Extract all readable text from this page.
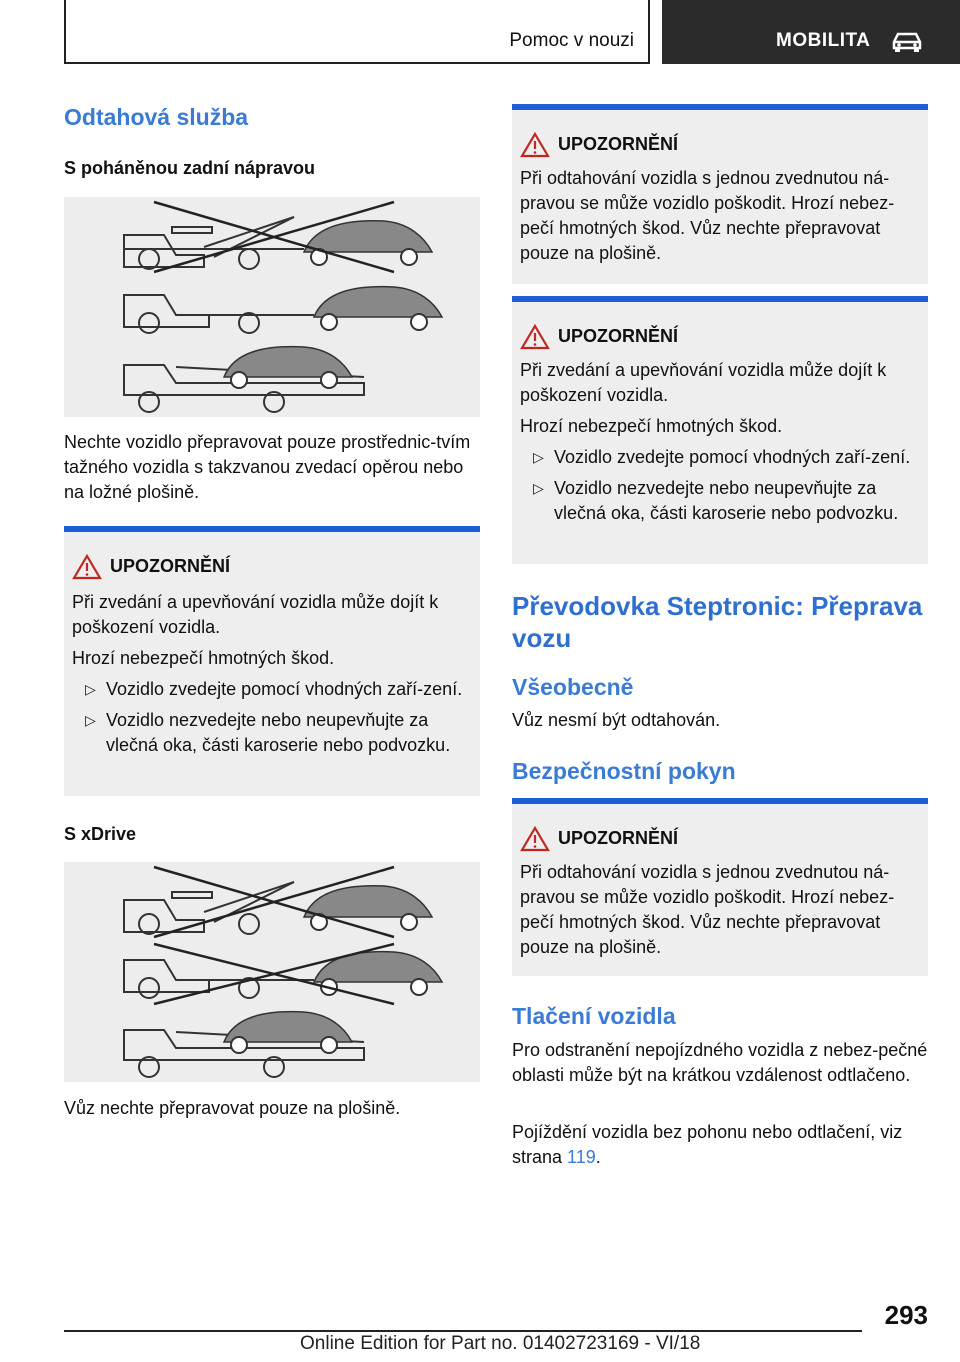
Pomoc v nouzi	MOBILITA
Odtahová služba
S poháněnou zadní nápravou
Nechte vozidlo přepravovat pouze prostřednic-tvím tažného vozidla s takzvanou zvedací opěrou nebo na ložné plošině.
UPOZORNĚNÍ
Při zvedání a upevňování vozidla může dojít k poškození vozidla.
Hrozí nebezpečí hmotných škod.
▷ Vozidlo zvedejte pomocí vhodných zaří-zení.
▷ Vozidlo nezvedejte nebo neupevňujte za vlečná oka, části karoserie nebo podvozku.
S xDrive
Vůz nechte přepravovat pouze na plošině.
UPOZORNĚNÍ
Při odtahování vozidla s jednou zvednutou ná-pravou se může vozidlo poškodit. Hrozí nebez-pečí hmotných škod. Vůz nechte přepravovat pouze na plošině.
UPOZORNĚNÍ
Při zvedání a upevňování vozidla může dojít k poškození vozidla.
Hrozí nebezpečí hmotných škod.
▷ Vozidlo zvedejte pomocí vhodných zaří-zení.
▷ Vozidlo nezvedejte nebo neupevňujte za vlečná oka, části karoserie nebo podvozku.
Převodovka Steptronic: Přeprava vozu
Všeobecně
Vůz nesmí být odtahován.
Bezpečnostní pokyn
UPOZORNĚNÍ
Při odtahování vozidla s jednou zvednutou ná-pravou se může vozidlo poškodit. Hrozí nebez-pečí hmotných škod. Vůz nechte přepravovat pouze na plošině.
Tlačení vozidla
Pro odstranění nepojízdného vozidla z nebez-pečné oblasti může být na krátkou vzdálenost odtlačeno.
Pojíždění vozidla bez pohonu nebo odtlačení, viz strana 119.
293
Online Edition for Part no. 01402723169 - VI/18
